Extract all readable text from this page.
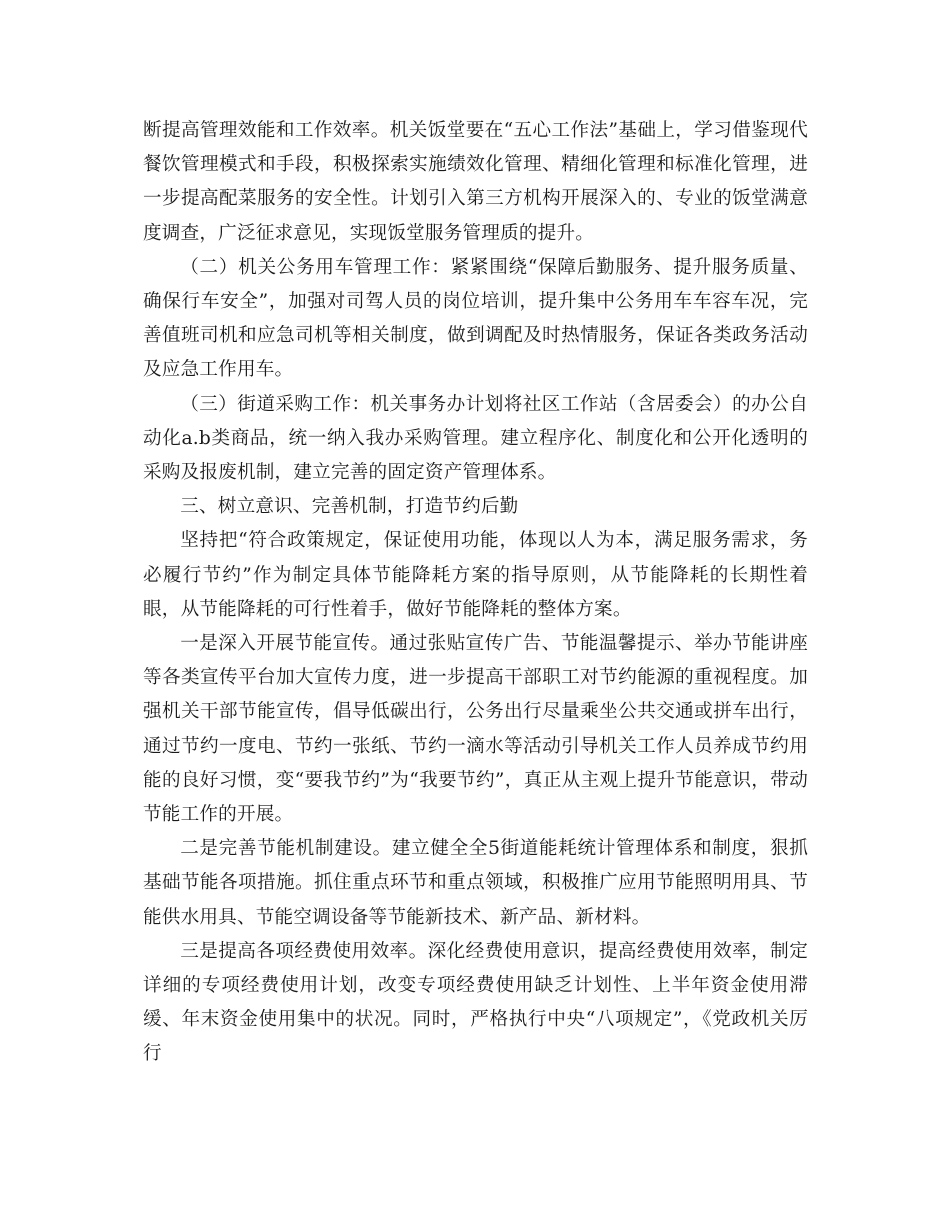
断提高管理效能和工作效率。机关饭堂要在“五心工作法”基础上，学习借鉴现代餐饮管理模式和手段，积极探索实施绩效化管理、精细化管理和标准化管理，进一步提高配菜服务的安全性。计划引入第三方机构开展深入的、专业的饭堂满意度调查，广泛征求意见，实现饭堂服务管理质的提升。

（二）机关公务用车管理工作：紧紧围绕“保障后勤服务、提升服务质量、确保行车安全”，加强对司驾人员的岗位培训，提升集中公务用车车容车况，完善值班司机和应急司机等相关制度，做到调配及时热情服务，保证各类政务活动及应急工作用车。

（三）街道采购工作：机关事务办计划将社区工作站（含居委会）的办公自动化a.b类商品，统一纳入我办采购管理。建立程序化、制度化和公开化透明的采购及报废机制，建立完善的固定资产管理体系。

三、树立意识、完善机制，打造节约后勤

坚持把“符合政策规定，保证使用功能，体现以人为本，满足服务需求，务必履行节约”作为制定具体节能降耗方案的指导原则，从节能降耗的长期性着眼，从节能降耗的可行性着手，做好节能降耗的整体方案。

一是深入开展节能宣传。通过张贴宣传广告、节能温馨提示、举办节能讲座等各类宣传平台加大宣传力度，进一步提高干部职工对节约能源的重视程度。加强机关干部节能宣传，倡导低碳出行，公务出行尽量乘坐公共交通或拼车出行，通过节约一度电、节约一张纸、节约一滴水等活动引导机关工作人员养成节约用能的良好习惯，变“要我节约”为“我要节约”，真正从主观上提升节能意识，带动节能工作的开展。

二是完善节能机制建设。建立健全全5街道能耗统计管理体系和制度，狠抓基础节能各项措施。抓住重点环节和重点领域，积极推广应用节能照明用具、节能供水用具、节能空调设备等节能新技术、新产品、新材料。

三是提高各项经费使用效率。深化经费使用意识，提高经费使用效率，制定详细的专项经费使用计划，改变专项经费使用缺乏计划性、上半年资金使用滞缓、年末资金使用集中的状况。同时，严格执行中央“八项规定”，《党政机关厉行
